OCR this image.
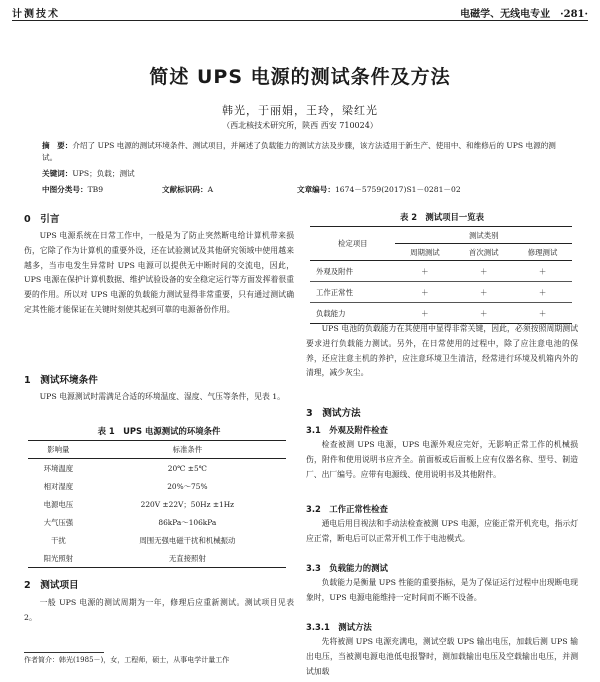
计测技术	电磁学、无线电专业　·281·
简述 UPS 电源的测试条件及方法
韩光，于丽娟，王玲，梁红光
（西北核技术研究所，陕西 西安 710024）
摘　要：介绍了 UPS 电源的测试环境条件、测试项目，并阐述了负载能力的测试方法及步骤，该方法适用于新生产、使用中、和维修后的 UPS 电源的测试。
关键词：UPS；负载；测试
中图分类号：TB9	文献标识码：A	文章编号：1674－5759(2017)S1－0281－02
0　引言

UPS 电源系统在日常工作中，一般是为了防止突然断电给计算机带来损伤，它除了作为计算机的重要外设，还在试验测试及其他研究领域中使用越来越多，当市电发生异常时 UPS 电源可以提供无中断时间的交流电，因此，UPS 电源在保护计算机数据、维护试验设备的安全稳定运行等方面发挥着很重要的作用。所以对 UPS 电源的负载能力测试显得非常重要，只有通过测试确定其性能才能保证在关键时刻使其起到可靠的电源备份作用。

1　测试环境条件

UPS 电源测试时需满足合适的环境温度、湿度、气压等条件，见表 1。

表 1　UPS 电源测试的环境条件
影响量	标准条件
环境温度	20℃ ±5℃
相对湿度	20%～75%
电源电压	220V ±22V；50Hz ±1Hz
大气压强	86kPa～106kPa
干扰	周围无强电磁干扰和机械振动
阳光照射	无直接照射
2　测试项目

一般 UPS 电源的测试周期为一年，修理后应重新测试。测试项目见表 2。

作者简介：韩光(1985－)，女，工程师，硕士，从事电学计量工作
表 2　测试项目一览表
检定项目	测试类别		
	周期测试	首次测试	修理测试
外观及附件	＋	＋	＋
工作正常性	＋	＋	＋
负载能力	＋	＋	＋

UPS 电池的负载能力在其使用中显得非常关键，因此，必须按照周期测试要求进行负载能力测试。另外，在日常使用的过程中，除了应注意电池的保养，还应注意主机的养护，应注意环境卫生清洁，经常进行环境及机箱内外的清理，减少灰尘。

3　测试方法
3.1　外观及附件检查

检查被测 UPS 电源，UPS 电源外观应完好，无影响正常工作的机械损伤，附件和使用说明书应齐全。前面板或后面板上应有仪器名称、型号、制造厂、出厂编号。应带有电源线、使用说明书及其他附件。

3.2　工作正常性检查

通电后用目视法和手动法检查被测 UPS 电源，应能正常开机充电，指示灯应正常，断电后可以正常开机工作于电池模式。

3.3　负载能力的测试

负载能力是衡量 UPS 性能的重要指标，是为了保证运行过程中出现断电现象时，UPS 电源电能维持一定时间而不断不设备。

3.3.1　测试方法

先将被测 UPS 电源充满电，测试空载 UPS 输出电压，加载后测 UPS 输出电压，当被测电源电池低电报警时，测加载输出电压及空载输出电压，并测试加载
